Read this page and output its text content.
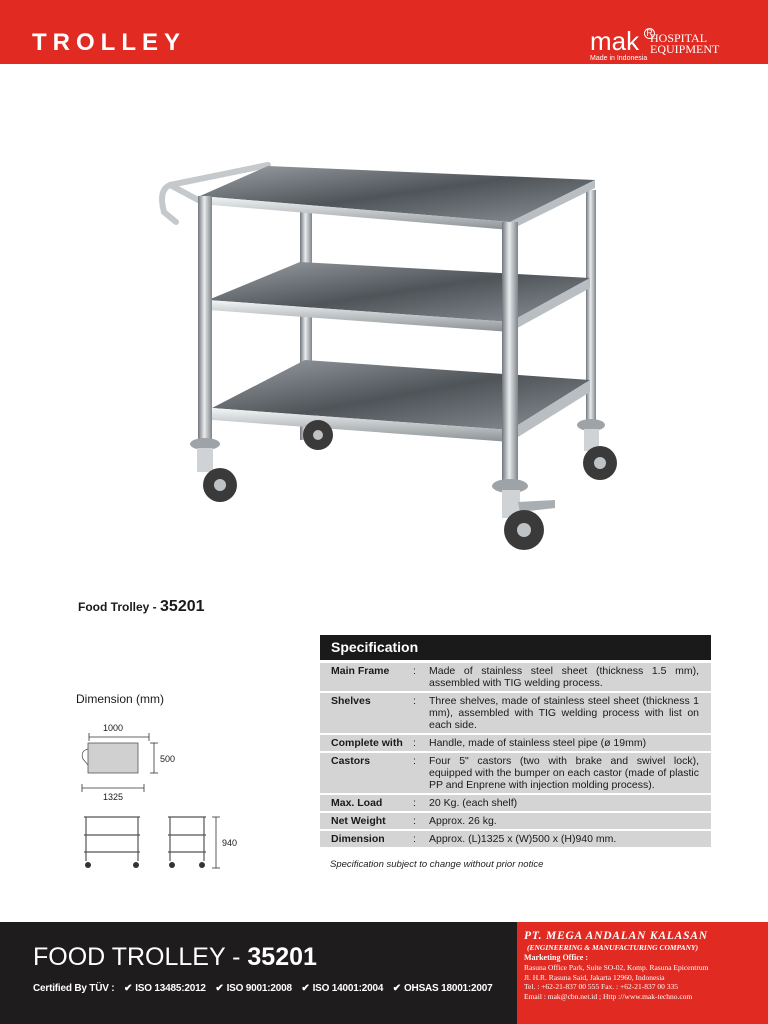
TROLLEY	mak R
HOSPITAL
EQUIPMENT
Made in Indonesia
Food Trolley - 35201
Dimension (mm)
1000
500
1325
940
Specification
Main Frame	:	Made of stainless steel sheet (thickness 1.5 mm), assembled with TIG welding process.
Shelves	:	Three shelves, made of stainless steel sheet (thickness 1 mm), assembled with TIG welding process with list on each side.
Complete with :	Handle, made of stainless steel pipe (ø 19mm)
Castors	:	Four 5" castors (two with brake and swivel lock), equipped with the bumper on each castor (made of plastic PP and Enprene with injection molding process).
Max. Load	:	20 Kg. (each shelf)
Net Weight	:	Approx. 26 kg.
Dimension	:	Approx. (L)1325 x (W)500 x (H)940 mm.
Specification subject to change without prior notice
FOOD TROLLEY - 35201
Certified By TÜV : ✔ ISO 13485:2012 ✔ ISO 9001:2008 ✔ ISO 14001:2004 ✔ OHSAS 18001:2007
PT. MEGA ANDALAN KALASAN
(ENGINEERING & MANUFACTURING COMPANY)
Marketing Office :
Rasuna Office Park, Suite SO-02, Komp. Rasuna Epicentrum
Jl. H.R. Rasuna Said, Jakarta 12960, Indonesia
Tel. : +62-21-837 00 555 Fax. : +62-21-837 00 335
Email : mak@cbn.net.id ; Http ://www.mak-techno.com
